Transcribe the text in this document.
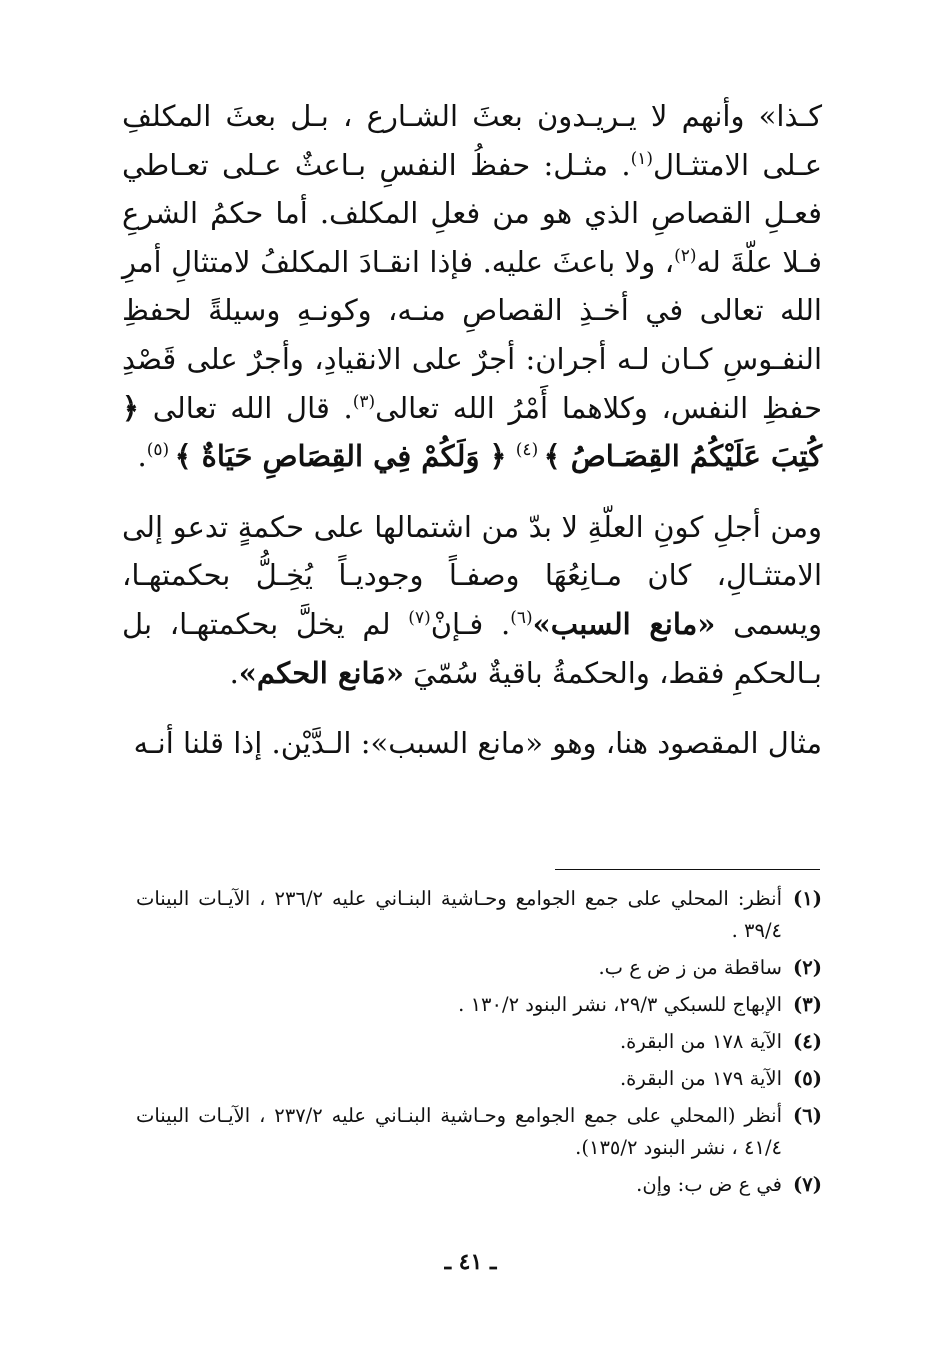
كـذا» وأنهم لا يـريـدون بعثَ الشـارع ، بـل بعثَ المكلفِ عـلى الامتثـال$^{(١)}$. مثـل: حفظُ النفسِ بـاعثٌ عـلى تعـاطي فعـلِ القصاصِ الذي هو من فعلِ المكلف. أما حكمُ الشرعِ فـلا علّةَ له$^{(٢)}$، ولا باعثَ عليه. فإذا انقـادَ المكلفُ لامتثالِ أمرِ الله تعالى في أخـذِ القصاصِ منـه، وكونـهِ وسيلةً لحفظِ النفـوسِ كـان لـه أجران: أجرٌ على الانقيادِ، وأجرٌ على قَصْدِ حفظِ النفس، وكلاهما أَمْرُ الله تعالى$^{(٣)}$. قال الله تعالى ﴿ كُتِبَ عَلَيْكُمُ القِصَـاصُ ﴾ $^{(٤)}$ ﴿ وَلَكُمْ فِي القِصَاصِ حَيَاةٌ ﴾ $^{(٥)}$.

ومن أجلِ كونِ العلّةِ لا بدّ من اشتمالها على حكمةٍ تدعو إلى الامتثـالِ، كان مـانِعُهَا وصفـاً وجوديـاً يُخِـلُّ بحكمتهـا، ويسمى «مانع السبب»$^{(٦)}$. فـإنْ$^{(٧)}$ لم يخلَّ بحكمتهـا، بل بـالحكمِ فقط، والحكمةُ باقيةٌ سُمّيَ «مَانع الحكم».

مثال المقصود هنا، وهو «مانع السبب»: الـدَّيْن. إذا قلنا أنـه

(١)
أنظر: المحلي على جمع الجوامع وحـاشية البنـاني عليه ٢٣٦/٢ ، الآيـات البينات ٣٩/٤ .
(٢)
ساقطة من ز ض ع ب.
(٣)
الإبهاج للسبكي ٢٩/٣، نشر البنود ١٣٠/٢ .
(٤)
الآية ١٧٨ من البقرة.
(٥)
الآية ١٧٩ من البقرة.
(٦)
أنظر (المحلي على جمع الجوامع وحـاشية البنـاني عليه ٢٣٧/٢ ، الآيـات البينات ٤١/٤ ، نشر البنود ١٣٥/٢).
(٧)
في ع ض ب: وإن.
ـ ٤١ ـ
